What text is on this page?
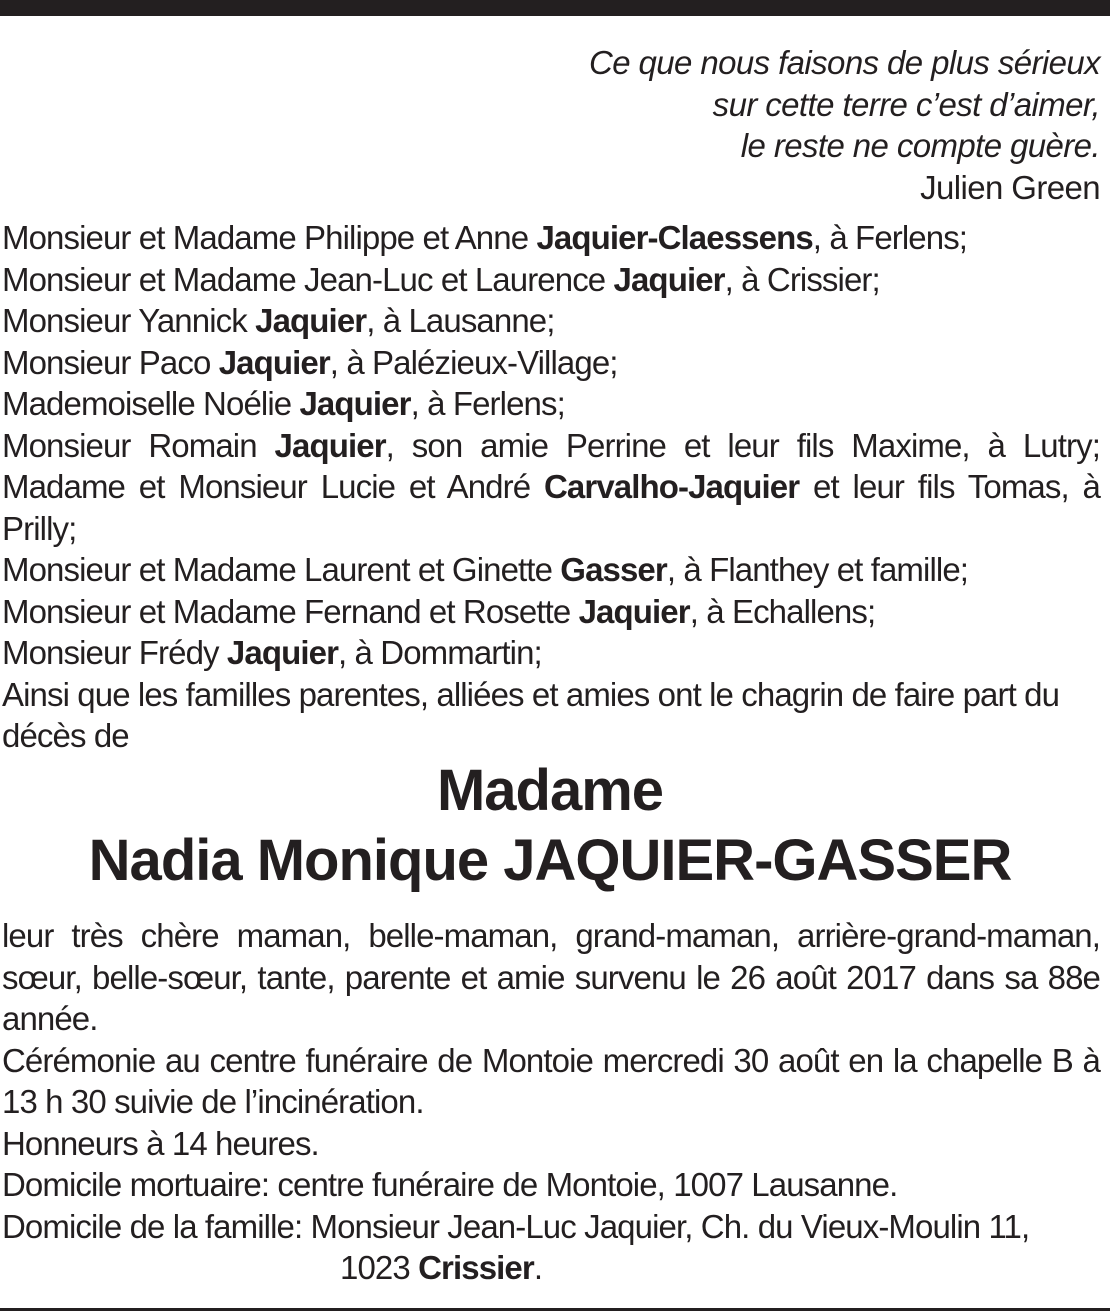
Ce que nous faisons de plus sérieux
sur cette terre c’est d’aimer,
le reste ne compte guère.
Julien Green
Monsieur et Madame Philippe et Anne Jaquier-Claessens, à Ferlens;
Monsieur et Madame Jean-Luc et Laurence Jaquier, à Crissier;
Monsieur Yannick Jaquier, à Lausanne;
Monsieur Paco Jaquier, à Palézieux-Village;
Mademoiselle Noélie Jaquier, à Ferlens;
Monsieur Romain Jaquier, son amie Perrine et leur fils Maxime, à Lutry;
Madame et Monsieur Lucie et André Carvalho-Jaquier et leur fils Tomas, à Prilly;
Monsieur et Madame Laurent et Ginette Gasser, à Flanthey et famille;
Monsieur et Madame Fernand et Rosette Jaquier, à Echallens;
Monsieur Frédy Jaquier, à Dommartin;
Ainsi que les familles parentes, alliées et amies ont le chagrin de faire part du décès de
Madame
Nadia Monique JAQUIER-GASSER
leur très chère maman, belle-maman, grand-maman, arrière-grand-maman, sœur, belle-sœur, tante, parente et amie survenu le 26 août 2017 dans sa 88e année.
Cérémonie au centre funéraire de Montoie mercredi 30 août en la chapelle B à 13 h 30 suivie de l’incinération.
Honneurs à 14 heures.
Domicile mortuaire: centre funéraire de Montoie, 1007 Lausanne.
Domicile de la famille: Monsieur Jean-Luc Jaquier, Ch. du Vieux-Moulin 11,
1023 Crissier.
